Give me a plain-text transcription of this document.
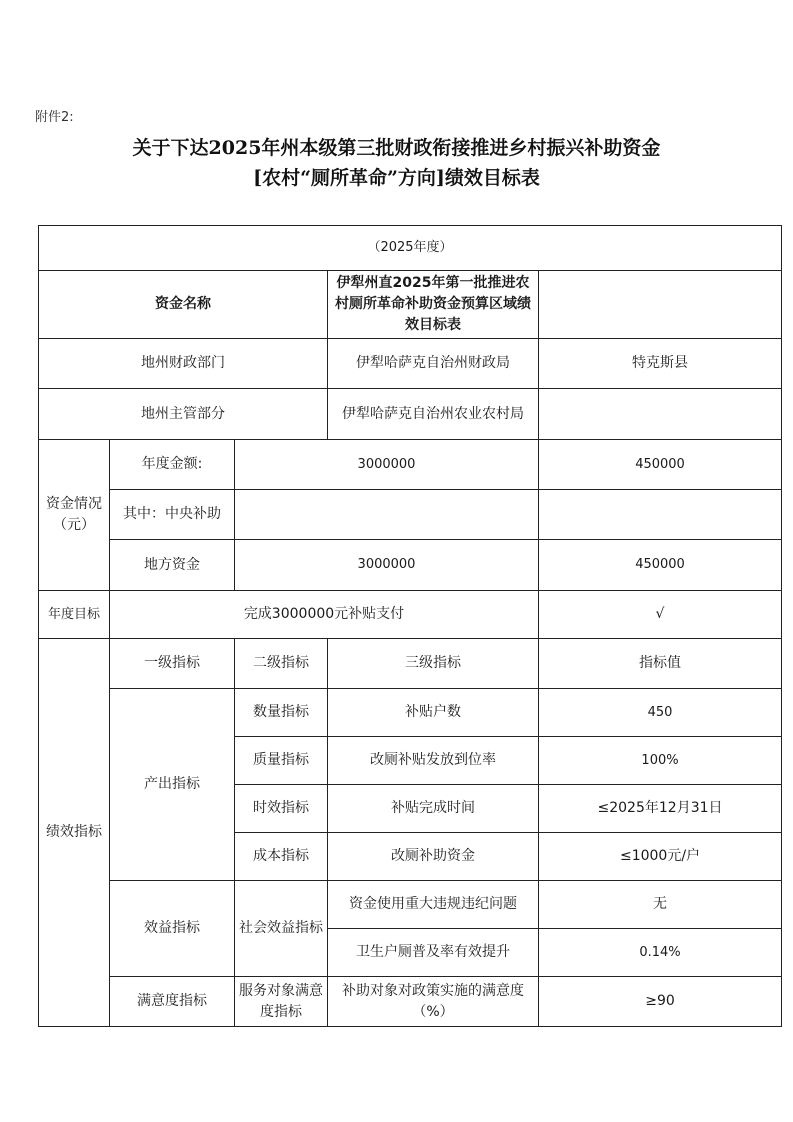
附件2:
关于下达2025年州本级第三批财政衔接推进乡村振兴补助资金
[农村“厕所革命”方向]绩效目标表
（2025年度）				
资金名称			伊犁州直2025年第一批推进农村厕所革命补助资金预算区域绩效目标表	
地州财政部门			伊犁哈萨克自治州财政局	特克斯县
地州主管部分			伊犁哈萨克自治州农业农村局	
资金情况（元）	年度金额:	3000000		450000
	其中：中央补助			
	地方资金	3000000		450000
年度目标	完成3000000元补贴支付			√
绩效指标	一级指标	二级指标	三级指标	指标值
	产出指标	数量指标	补贴户数	450
		质量指标	改厕补贴发放到位率	100%
		时效指标	补贴完成时间	≤2025年12月31日
		成本指标	改厕补助资金	≤1000元/户
	效益指标	社会效益指标	资金使用重大违规违纪问题	无
			卫生户厕普及率有效提升	0.14%
	满意度指标	服务对象满意度指标	补助对象对政策实施的满意度（%）	≥90
